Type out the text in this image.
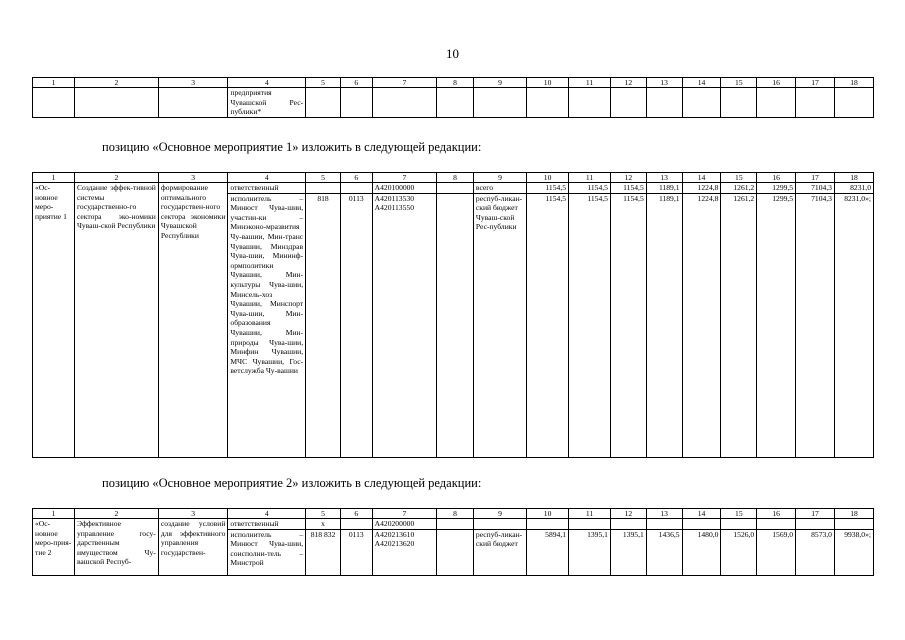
10
1	2	3	4	5	6	7	8	9	10	11	12	13	14	15	16	17	18
			предприятия Чувашской Рес-публики*														
позицию «Основное мероприятие 1» изложить в следующей редакции:
1	2	3	4	5	6	7	8	9	10	11	12	13	14	15	16	17	18
«Ос-новное меро-приятие 1	Создание эффек-тивной системы государственно-го сектора эко-номики Чуваш-ской Республики	формирование оптимального государствен-ного сектора экономики Чувашской Республики	ответственный			А420100000		всего	1154,5	1154,5	1154,5	1189,1	1224,8	1261,2	1299,5	7104,3	8231,0
			исполнитель – Минюст Чува-шии, участни-ки – Минэконо-мразвития Чу-вашии, Мин-транс Чувашии, Минздрав Чува-шии, Мининф-ормполитики Чувашии, Мин-культуры Чува-шии, Минсель-хоз Чувашии, Минспорт Чува-шии, Мин-образования Чувашии, Мин-природы Чува-шии, Минфин Чувашии, МЧС Чувашии, Гос-ветслужба Чу-вашии	818	0113	А420113530 А420113550		респуб-ликан-ский бюджет Чуваш-ской Рес-публики	1154,5	1154,5	1154,5	1189,1	1224,8	1261,2	1299,5	7104,3	8231,0»;
позицию «Основное мероприятие 2» изложить в следующей редакции:
1	2	3	4	5	6	7	8	9	10	11	12	13	14	15	16	17	18
«Ос-новное меро-прия-тие 2	Эффективное управление госу-дарственным имуществом Чу-вашской Респуб-	создание условий для эффективного управления государствен-	ответственный	x		А420200000											
			исполнитель – Минюст Чува-шии, соисполни-тель – Минстрой	818 832	0113	А420213610 А420213620		респуб-ликан-ский бюджет	5894,1	1395,1	1395,1	1436,5	1480,0	1526,0	1569,0	8573,0	9938,0»;
